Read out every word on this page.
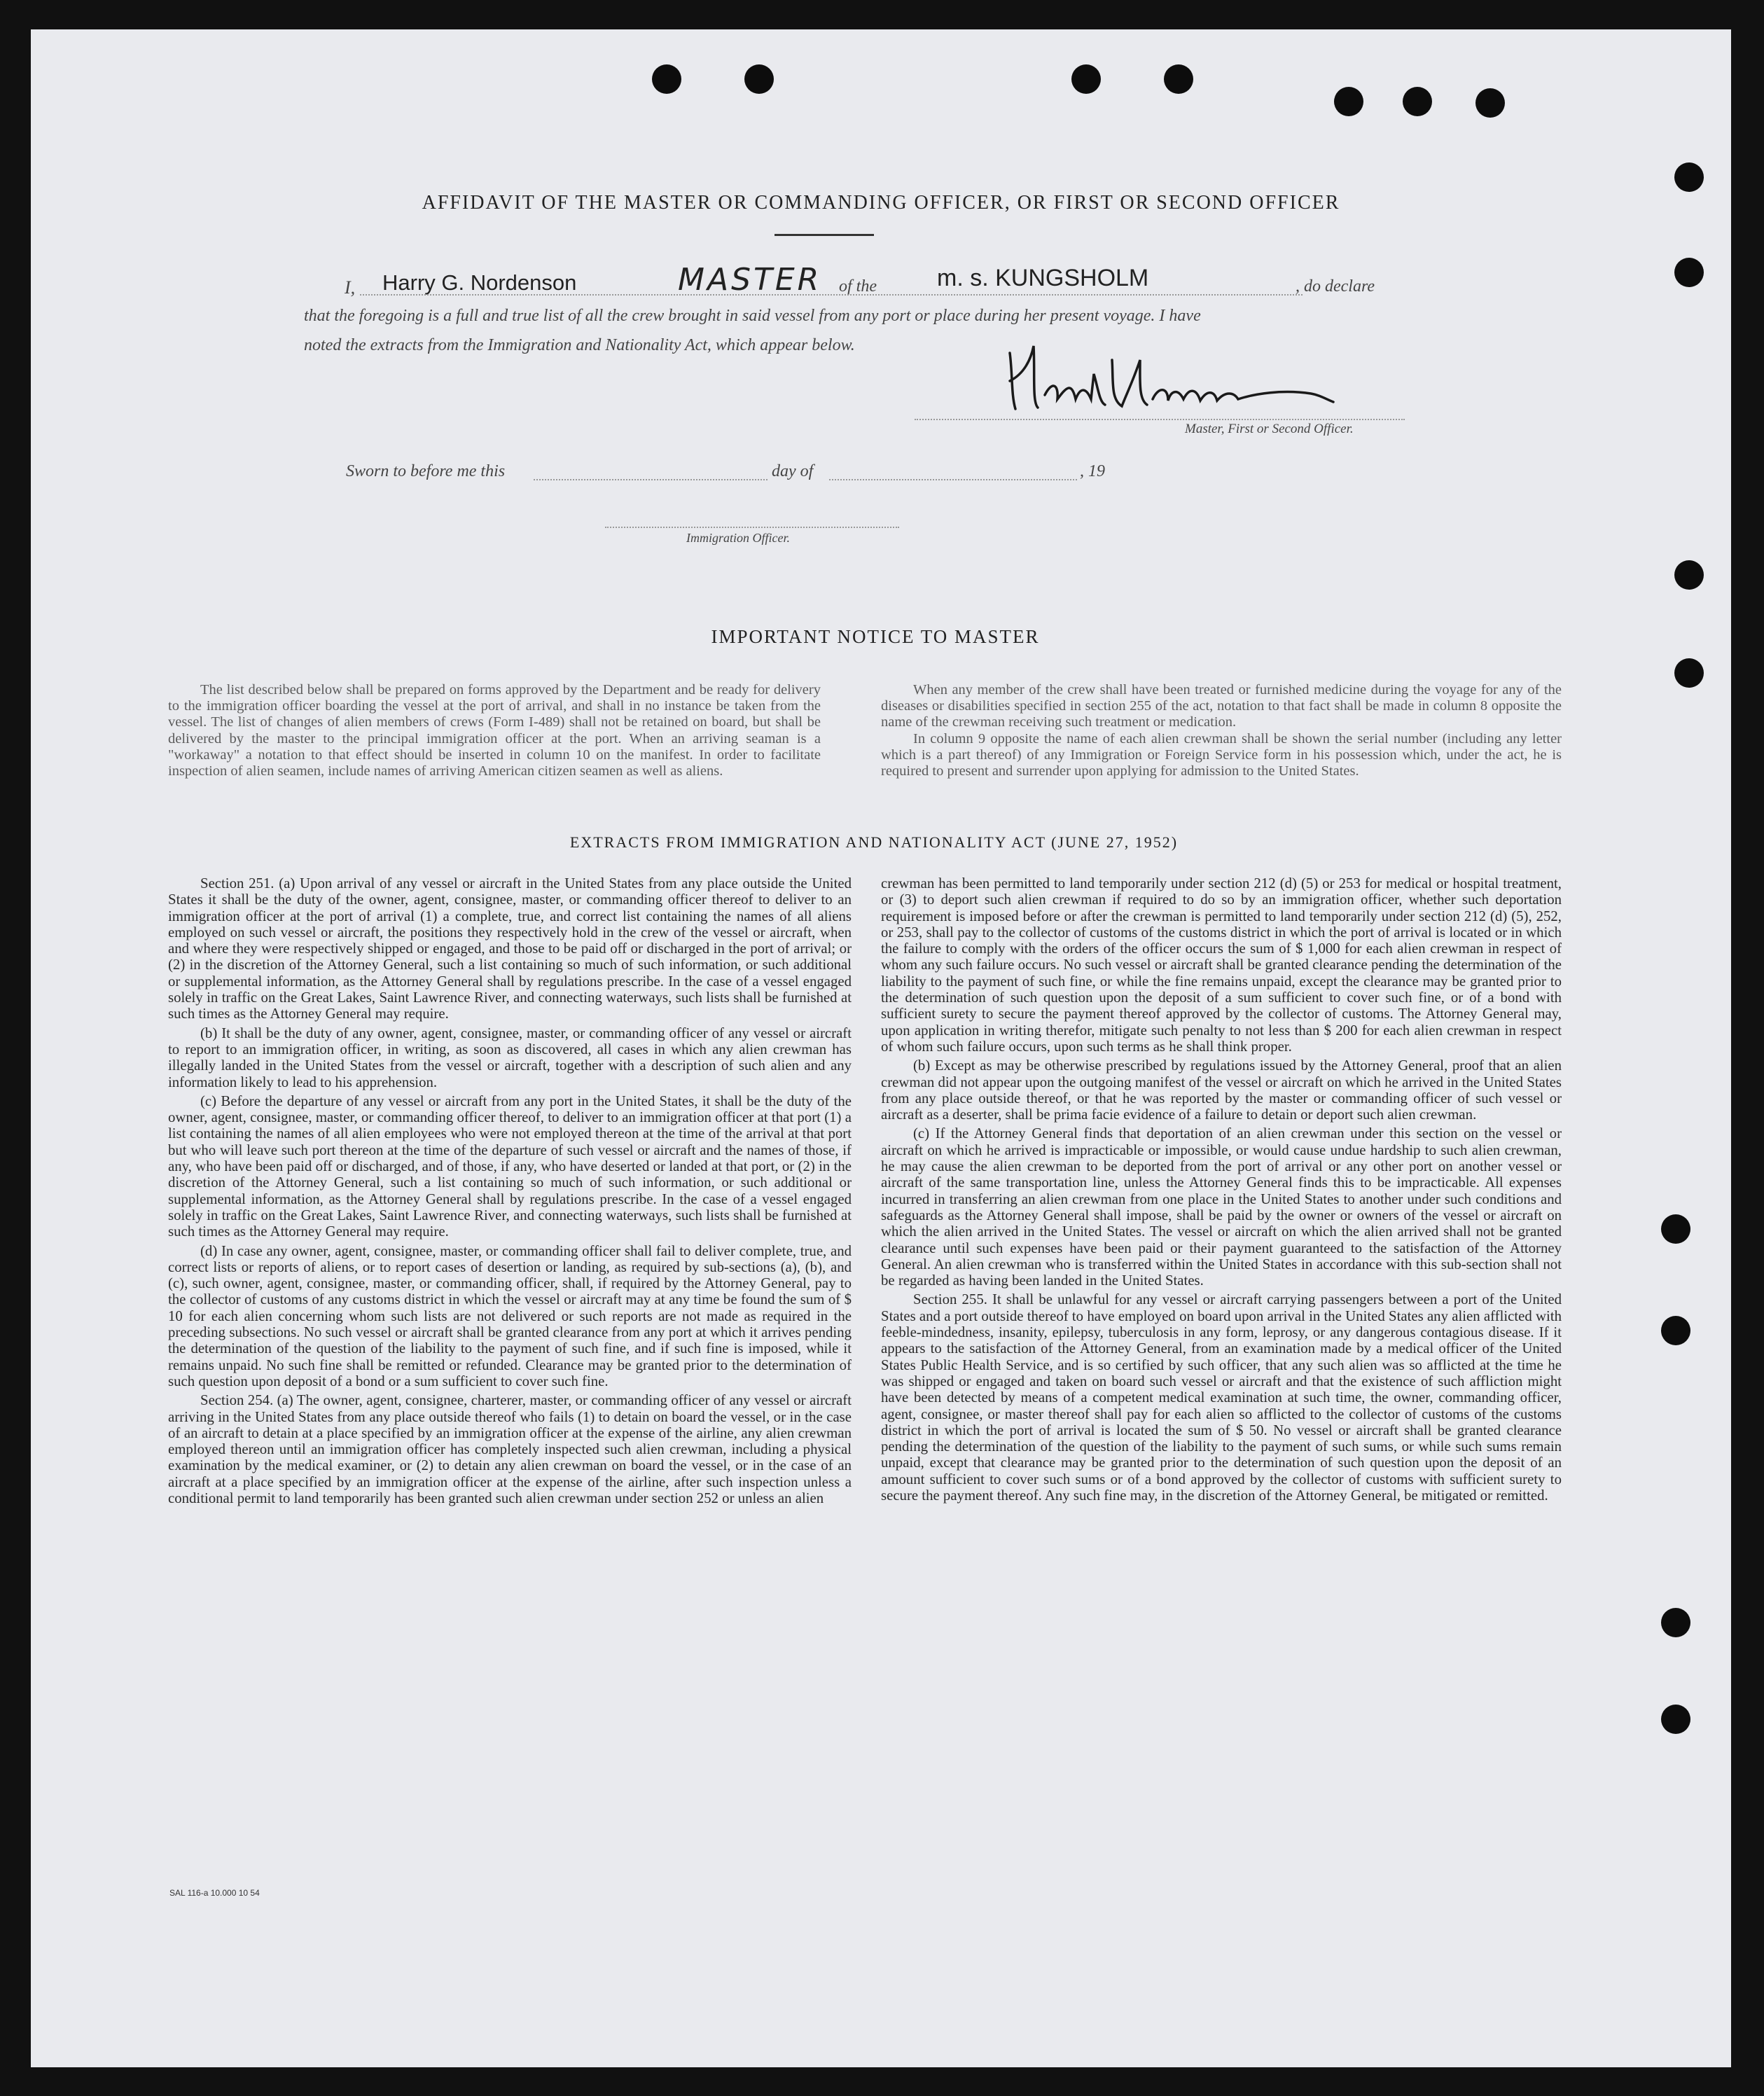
AFFIDAVIT OF THE MASTER OR COMMANDING OFFICER, OR FIRST OR SECOND OFFICER
I, Harry G. Nordenson	MASTER of the	m. s. KUNGSHOLM	, do declare
that the foregoing is a full and true list of all the crew brought in said vessel from any port or place during her present voyage. I have
noted the extracts from the Immigration and Nationality Act, which appear below.
Master, First or Second Officer.
Sworn to before me this	day of	, 19
Immigration Officer.
IMPORTANT NOTICE TO MASTER

The list described below shall be prepared on forms approved by the Department and be ready for delivery to the immigration officer boarding the vessel at the port of arrival, and shall in no instance be taken from the vessel. The list of changes of alien members of crews (Form I-489) shall not be retained on board, but shall be delivered by the master to the principal immigration officer at the port. When an arriving seaman is a "workaway" a notation to that effect should be inserted in column 10 on the manifest. In order to facilitate inspection of alien seamen, include names of arriving American citizen seamen as well as aliens.

When any member of the crew shall have been treated or furnished medicine during the voyage for any of the diseases or disabilities specified in section 255 of the act, notation to that fact shall be made in column 8 opposite the name of the crewman receiving such treatment or medication.

In column 9 opposite the name of each alien crewman shall be shown the serial number (including any letter which is a part thereof) of any Immigration or Foreign Service form in his possession which, under the act, he is required to present and surrender upon applying for admission to the United States.

EXTRACTS FROM IMMIGRATION AND NATIONALITY ACT (JUNE 27, 1952)

Section 251. (a) Upon arrival of any vessel or aircraft in the United States from any place outside the United States it shall be the duty of the owner, agent, consignee, master, or commanding officer thereof to deliver to an immigration officer at the port of arrival (1) a complete, true, and correct list containing the names of all aliens employed on such vessel or aircraft, the positions they respectively hold in the crew of the vessel or aircraft, when and where they were respectively shipped or engaged, and those to be paid off or discharged in the port of arrival; or (2) in the discretion of the Attorney General, such a list containing so much of such information, or such additional or supplemental information, as the Attorney General shall by regulations prescribe. In the case of a vessel engaged solely in traffic on the Great Lakes, Saint Lawrence River, and connecting waterways, such lists shall be furnished at such times as the Attorney General may require.

(b) It shall be the duty of any owner, agent, consignee, master, or commanding officer of any vessel or aircraft to report to an immigration officer, in writing, as soon as discovered, all cases in which any alien crewman has illegally landed in the United States from the vessel or aircraft, together with a description of such alien and any information likely to lead to his apprehension.

(c) Before the departure of any vessel or aircraft from any port in the United States, it shall be the duty of the owner, agent, consignee, master, or commanding officer thereof, to deliver to an immigration officer at that port (1) a list containing the names of all alien employees who were not employed thereon at the time of the arrival at that port but who will leave such port thereon at the time of the departure of such vessel or aircraft and the names of those, if any, who have been paid off or discharged, and of those, if any, who have deserted or landed at that port, or (2) in the discretion of the Attorney General, such a list containing so much of such information, or such additional or supplemental information, as the Attorney General shall by regulations prescribe. In the case of a vessel engaged solely in traffic on the Great Lakes, Saint Lawrence River, and connecting waterways, such lists shall be furnished at such times as the Attorney General may require.

(d) In case any owner, agent, consignee, master, or commanding officer shall fail to deliver complete, true, and correct lists or reports of aliens, or to report cases of desertion or landing, as required by sub-sections (a), (b), and (c), such owner, agent, consignee, master, or commanding officer, shall, if required by the Attorney General, pay to the collector of customs of any customs district in which the vessel or aircraft may at any time be found the sum of $ 10 for each alien concerning whom such lists are not delivered or such reports are not made as required in the preceding subsections. No such vessel or aircraft shall be granted clearance from any port at which it arrives pending the determination of the question of the liability to the payment of such fine, and if such fine is imposed, while it remains unpaid. No such fine shall be remitted or refunded. Clearance may be granted prior to the determination of such question upon deposit of a bond or a sum sufficient to cover such fine.

Section 254. (a) The owner, agent, consignee, charterer, master, or commanding officer of any vessel or aircraft arriving in the United States from any place outside thereof who fails (1) to detain on board the vessel, or in the case of an aircraft to detain at a place specified by an immigration officer at the expense of the airline, any alien crewman employed thereon until an immigration officer has completely inspected such alien crewman, including a physical examination by the medical examiner, or (2) to detain any alien crewman on board the vessel, or in the case of an aircraft at a place specified by an immigration officer at the expense of the airline, after such inspection unless a conditional permit to land temporarily has been granted such alien crewman under section 252 or unless an alien

crewman has been permitted to land temporarily under section 212 (d) (5) or 253 for medical or hospital treatment, or (3) to deport such alien crewman if required to do so by an immigration officer, whether such deportation requirement is imposed before or after the crewman is permitted to land temporarily under section 212 (d) (5), 252, or 253, shall pay to the collector of customs of the customs district in which the port of arrival is located or in which the failure to comply with the orders of the officer occurs the sum of $ 1,000 for each alien crewman in respect of whom any such failure occurs. No such vessel or aircraft shall be granted clearance pending the determination of the liability to the payment of such fine, or while the fine remains unpaid, except the clearance may be granted prior to the determination of such question upon the deposit of a sum sufficient to cover such fine, or of a bond with sufficient surety to secure the payment thereof approved by the collector of customs. The Attorney General may, upon application in writing therefor, mitigate such penalty to not less than $ 200 for each alien crewman in respect of whom such failure occurs, upon such terms as he shall think proper.

(b) Except as may be otherwise prescribed by regulations issued by the Attorney General, proof that an alien crewman did not appear upon the outgoing manifest of the vessel or aircraft on which he arrived in the United States from any place outside thereof, or that he was reported by the master or commanding officer of such vessel or aircraft as a deserter, shall be prima facie evidence of a failure to detain or deport such alien crewman.

(c) If the Attorney General finds that deportation of an alien crewman under this section on the vessel or aircraft on which he arrived is impracticable or impossible, or would cause undue hardship to such alien crewman, he may cause the alien crewman to be deported from the port of arrival or any other port on another vessel or aircraft of the same transportation line, unless the Attorney General finds this to be impracticable. All expenses incurred in transferring an alien crewman from one place in the United States to another under such conditions and safeguards as the Attorney General shall impose, shall be paid by the owner or owners of the vessel or aircraft on which the alien arrived in the United States. The vessel or aircraft on which the alien arrived shall not be granted clearance until such expenses have been paid or their payment guaranteed to the satisfaction of the Attorney General. An alien crewman who is transferred within the United States in accordance with this sub-section shall not be regarded as having been landed in the United States.

Section 255. It shall be unlawful for any vessel or aircraft carrying passengers between a port of the United States and a port outside thereof to have employed on board upon arrival in the United States any alien afflicted with feeble-mindedness, insanity, epilepsy, tuberculosis in any form, leprosy, or any dangerous contagious disease. If it appears to the satisfaction of the Attorney General, from an examination made by a medical officer of the United States Public Health Service, and is so certified by such officer, that any such alien was so afflicted at the time he was shipped or engaged and taken on board such vessel or aircraft and that the existence of such affliction might have been detected by means of a competent medical examination at such time, the owner, commanding officer, agent, consignee, or master thereof shall pay for each alien so afflicted to the collector of customs of the customs district in which the port of arrival is located the sum of $ 50. No vessel or aircraft shall be granted clearance pending the determination of the question of the liability to the payment of such sums, or while such sums remain unpaid, except that clearance may be granted prior to the determination of such question upon the deposit of an amount sufficient to cover such sums or of a bond approved by the collector of customs with sufficient surety to secure the payment thereof. Any such fine may, in the discretion of the Attorney General, be mitigated or remitted.

SAL 116-a 10.000 10 54
